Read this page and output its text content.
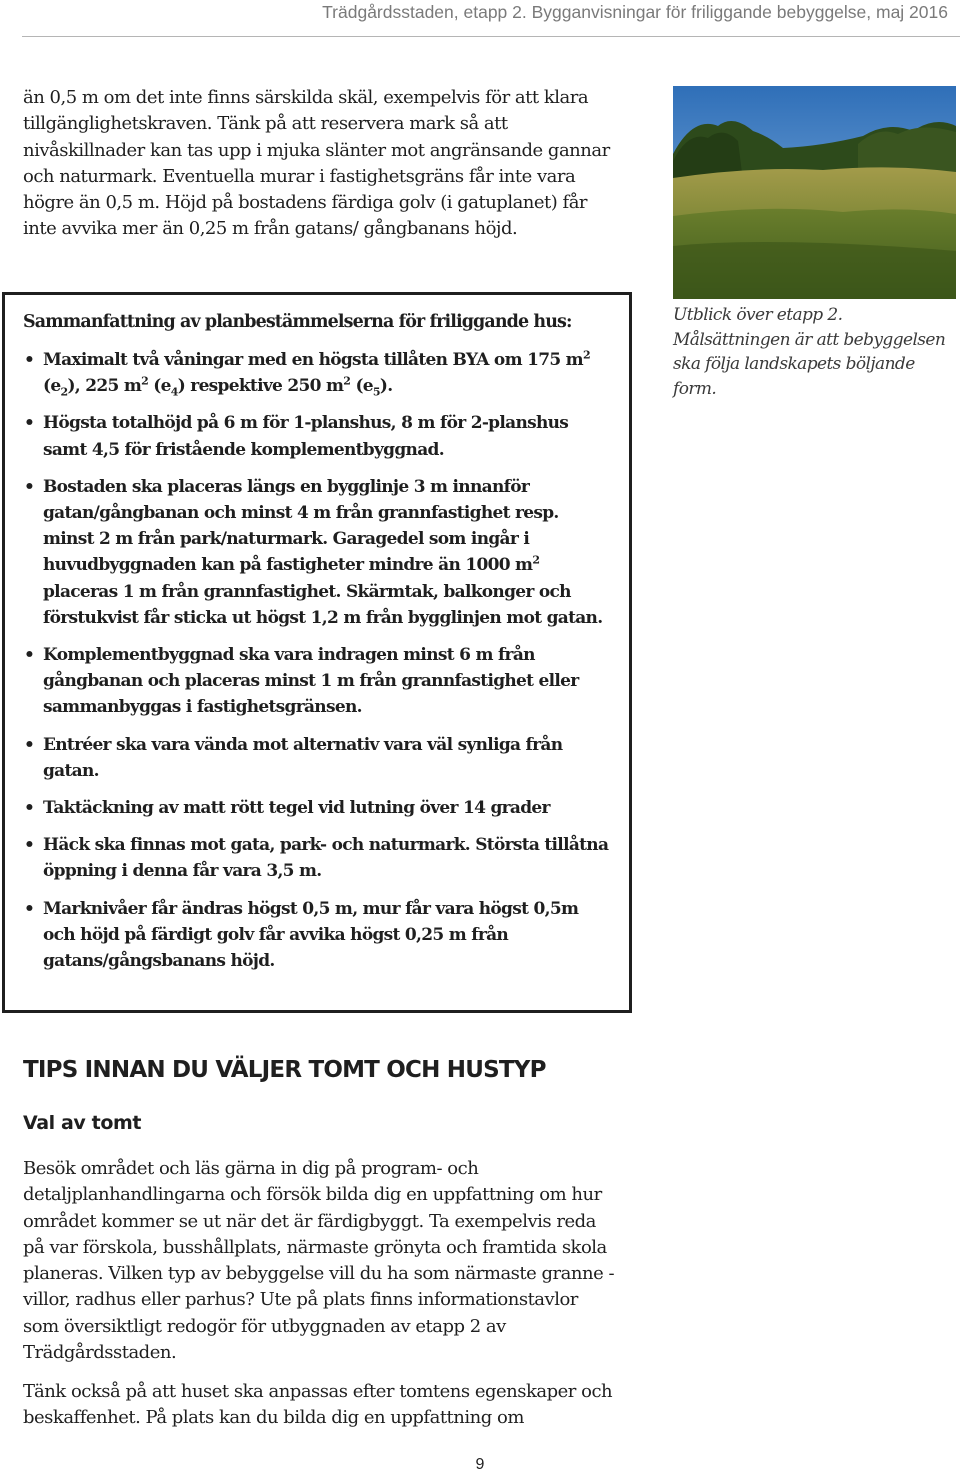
Trädgårdsstaden, etapp 2. Bygganvisningar för friliggande bebyggelse, maj 2016

än 0,5 m om det inte finns särskilda skäl, exempelvis för att klara tillgänglighetskraven. Tänk på att reservera mark så att nivåskillnader kan tas upp i mjuka slänter mot angränsande gannar och naturmark. Eventuella murar i fastighetsgräns får inte vara högre än 0,5 m. Höjd på bostadens färdiga golv (i gatuplanet) får inte avvika mer än 0,25 m från gatans/ gångbanans höjd.

Sammanfattning av planbestämmelserna för friliggande hus:

• Maximalt två våningar med en högsta tillåten BYA om 175 $m^2$ $(e_2)$, 225 $m^2$ $(e_4)$ respektive 250 $m^2$ $(e_5)$.
• Högsta totalhöjd på 6 m för 1-planshus, 8 m för 2-planshus samt 4,5 för fristående komplementbyggnad.
• Bostaden ska placeras längs en bygglinje 3 m innanför gatan/gångbanan och minst 4 m från grannfastighet resp. minst 2 m från park/naturmark. Garagedel som ingår i huvudbyggnaden kan på fastigheter mindre än 1000 $m^2$ placeras 1 m från grannfastighet. Skärmtak, balkonger och förstukvist får sticka ut högst 1,2 m från bygglinjen mot gatan.
• Komplementbyggnad ska vara indragen minst 6 m från gångbanan och placeras minst 1 m från grannfastighet eller sammanbyggas i fastighetsgränsen.
• Entréer ska vara vända mot alternativ vara väl synliga från gatan.
• Taktäckning av matt rött tegel vid lutning över 14 grader
• Häck ska finnas mot gata, park- och naturmark. Största tillåtna öppning i denna får vara 3,5 m.
• Marknivåer får ändras högst 0,5 m, mur får vara högst 0,5m och höjd på färdigt golv får avvika högst 0,25 m från gatans/gångsbanans höjd.

Utblick över etapp 2. Målsättningen är att bebyggelsen ska följa landskapets böljande form.

TIPS INNAN DU VÄLJER TOMT OCH HUSTYP
Val av tomt

Besök området och läs gärna in dig på program- och detaljplanhandlingarna och försök bilda dig en uppfattning om hur området kommer se ut när det är färdigbyggt. Ta exempelvis reda på var förskola, busshållplats, närmaste grönyta och framtida skola planeras. Vilken typ av bebyggelse vill du ha som närmaste granne - villor, radhus eller parhus? Ute på plats finns informationstavlor som översiktligt redogör för utbyggnaden av etapp 2 av Trädgårdsstaden.

Tänk också på att huset ska anpassas efter tomtens egenskaper och beskaffenhet. På plats kan du bilda dig en uppfattning om

9
